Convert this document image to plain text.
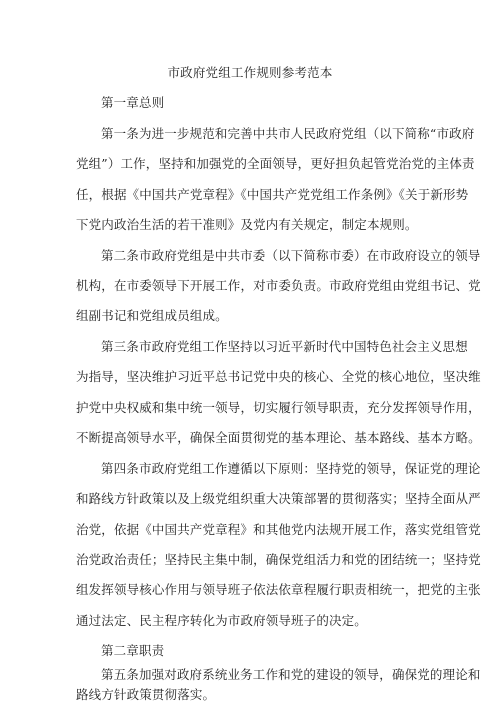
市政府党组工作规则参考范本
第一章总则
第一条为进一步规范和完善中共市人民政府党组（以下简称“市政府
党组”）工作，坚持和加强党的全面领导，更好担负起管党治党的主体责
任，根据《中国共产党章程》《中国共产党党组工作条例》《关于新形势
下党内政治生活的若干准则》及党内有关规定，制定本规则。
第二条市政府党组是中共市委（以下简称市委）在市政府设立的领导
机构，在市委领导下开展工作，对市委负责。市政府党组由党组书记、党
组副书记和党组成员组成。
第三条市政府党组工作坚持以习近平新时代中国特色社会主义思想
为指导，坚决维护习近平总书记党中央的核心、全党的核心地位，坚决维
护党中央权威和集中统一领导，切实履行领导职责，充分发挥领导作用，
不断提高领导水平，确保全面贯彻党的基本理论、基本路线、基本方略。
第四条市政府党组工作遵循以下原则：坚持党的领导，保证党的理论
和路线方针政策以及上级党组织重大决策部署的贯彻落实；坚持全面从严
治党，依据《中国共产党章程》和其他党内法规开展工作，落实党组管党
治党政治责任；坚持民主集中制，确保党组活力和党的团结统一；坚持党
组发挥领导核心作用与领导班子依法依章程履行职责相统一，把党的主张
通过法定、民主程序转化为市政府领导班子的决定。
第二章职责
第五条加强对政府系统业务工作和党的建设的领导，确保党的理论和
路线方针政策贯彻落实。
